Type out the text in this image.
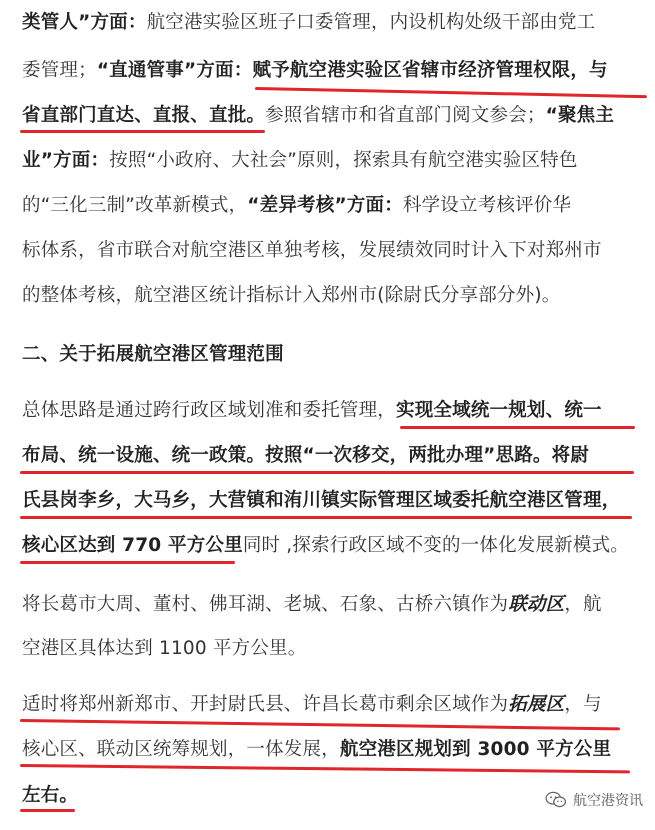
类管人”方面：航空港实验区班子口委管理，内设机构处级干部由党工
委管理；“直通管事”方面：赋予航空港实验区省辖市经济管理权限，与
省直部门直达、直报、直批。参照省辖市和省直部门阅文参会；“聚焦主
业”方面：按照“小政府、大社会”原则，探索具有航空港实验区特色
的“三化三制”改革新模式，“差异考核”方面：科学设立考核评价华
标体系，省市联合对航空港区单独考核，发展绩效同时计入下对郑州市
的整体考核，航空港区统计指标计入郑州市(除尉氏分享部分外)。
二、关于拓展航空港区管理范围
总体思路是通过跨行政区域划准和委托管理，实现全域统一规划、统一
布局、统一设施、统一政策。按照“一次移交，两批办理”思路。将尉
氏县岗李乡，大马乡，大营镇和洧川镇实际管理区域委托航空港区管理，
核心区达到 770 平方公里同时 ,探索行政区域不变的一体化发展新模式。
将长葛市大周、董村、佛耳湖、老城、石象、古桥六镇作为联动区，航
空港区具体达到 1100 平方公里。
适时将郑州新郑市、开封尉氏县、许昌长葛市剩余区域作为拓展区，与
核心区、联动区统筹规划，一体发展，航空港区规划到 3000 平方公里
左右。	航空港资讯
